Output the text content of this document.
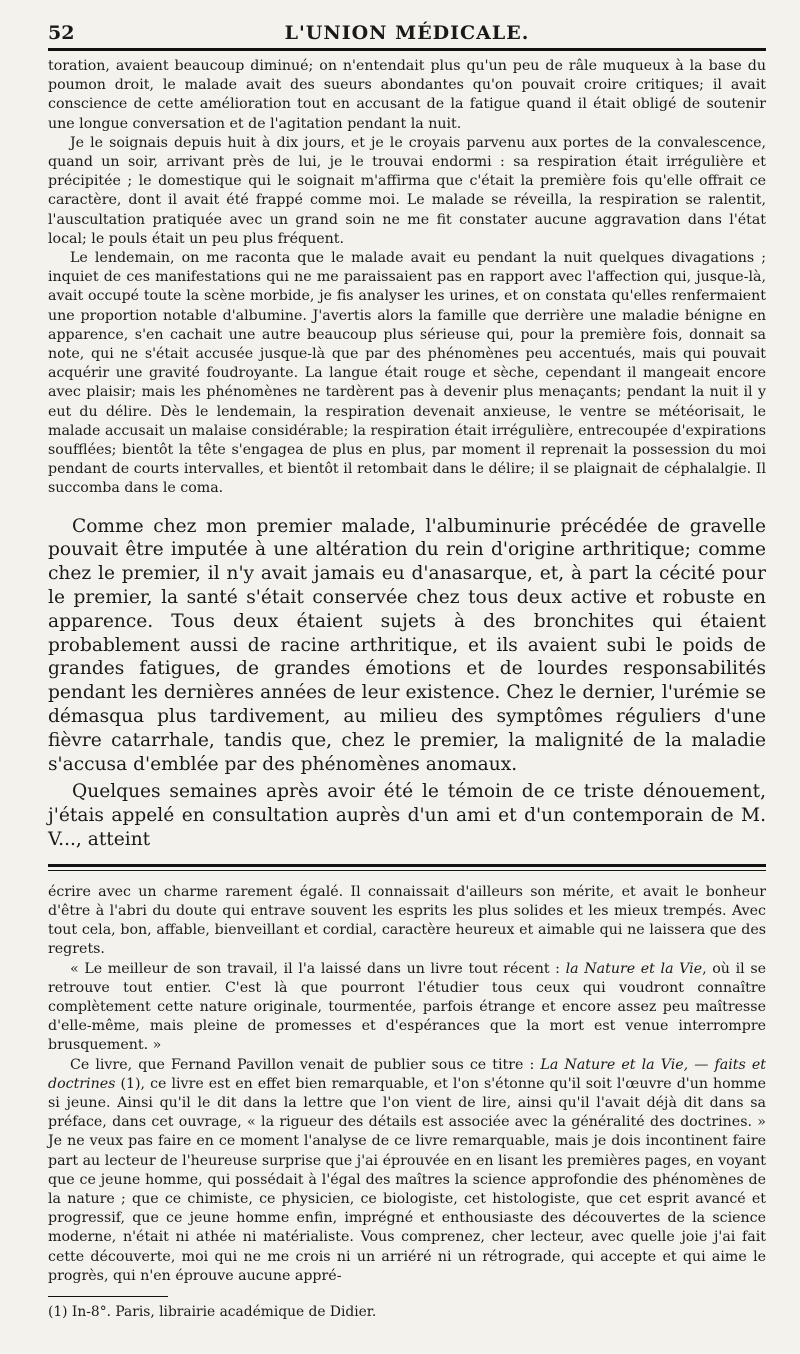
52	L'UNION MÉDICALE.

toration, avaient beaucoup diminué; on n'entendait plus qu'un peu de râle muqueux à la base du poumon droit, le malade avait des sueurs abondantes qu'on pouvait croire critiques; il avait conscience de cette amélioration tout en accusant de la fatigue quand il était obligé de soutenir une longue conversation et de l'agitation pendant la nuit.

Je le soignais depuis huit à dix jours, et je le croyais parvenu aux portes de la convalescence, quand un soir, arrivant près de lui, je le trouvai endormi : sa respiration était irrégulière et précipitée ; le domestique qui le soignait m'affirma que c'était la première fois qu'elle offrait ce caractère, dont il avait été frappé comme moi. Le malade se réveilla, la respiration se ralentit, l'auscultation pratiquée avec un grand soin ne me fit constater aucune aggravation dans l'état local; le pouls était un peu plus fréquent.

Le lendemain, on me raconta que le malade avait eu pendant la nuit quelques divagations ; inquiet de ces manifestations qui ne me paraissaient pas en rapport avec l'affection qui, jusque-là, avait occupé toute la scène morbide, je fis analyser les urines, et on constata qu'elles renfermaient une proportion notable d'albumine. J'avertis alors la famille que derrière une maladie bénigne en apparence, s'en cachait une autre beaucoup plus sérieuse qui, pour la première fois, donnait sa note, qui ne s'était accusée jusque-là que par des phénomènes peu accentués, mais qui pouvait acquérir une gravité foudroyante. La langue était rouge et sèche, cependant il mangeait encore avec plaisir; mais les phénomènes ne tardèrent pas à devenir plus menaçants; pendant la nuit il y eut du délire. Dès le lendemain, la respiration devenait anxieuse, le ventre se météorisait, le malade accusait un malaise considérable; la respiration était irrégulière, entrecoupée d'expirations soufflées; bientôt la tête s'engagea de plus en plus, par moment il reprenait la possession du moi pendant de courts intervalles, et bientôt il retombait dans le délire; il se plaignait de céphalalgie. Il succomba dans le coma.

Comme chez mon premier malade, l'albuminurie précédée de gravelle pouvait être imputée à une altération du rein d'origine arthritique; comme chez le premier, il n'y avait jamais eu d'anasarque, et, à part la cécité pour le premier, la santé s'était conservée chez tous deux active et robuste en apparence. Tous deux étaient sujets à des bronchites qui étaient probablement aussi de racine arthritique, et ils avaient subi le poids de grandes fatigues, de grandes émotions et de lourdes responsabilités pendant les dernières années de leur existence. Chez le dernier, l'urémie se démasqua plus tardivement, au milieu des symptômes réguliers d'une fièvre catarrhale, tandis que, chez le premier, la malignité de la maladie s'accusa d'emblée par des phénomènes anomaux.

Quelques semaines après avoir été le témoin de ce triste dénouement, j'étais appelé en consultation auprès d'un ami et d'un contemporain de M. V..., atteint

écrire avec un charme rarement égalé. Il connaissait d'ailleurs son mérite, et avait le bonheur d'être à l'abri du doute qui entrave souvent les esprits les plus solides et les mieux trempés. Avec tout cela, bon, affable, bienveillant et cordial, caractère heureux et aimable qui ne laissera que des regrets.

« Le meilleur de son travail, il l'a laissé dans un livre tout récent : la Nature et la Vie, où il se retrouve tout entier. C'est là que pourront l'étudier tous ceux qui voudront connaître complètement cette nature originale, tourmentée, parfois étrange et encore assez peu maîtresse d'elle-même, mais pleine de promesses et d'espérances que la mort est venue interrompre brusquement. »

Ce livre, que Fernand Pavillon venait de publier sous ce titre : La Nature et la Vie, — faits et doctrines (1), ce livre est en effet bien remarquable, et l'on s'étonne qu'il soit l'œuvre d'un homme si jeune. Ainsi qu'il le dit dans la lettre que l'on vient de lire, ainsi qu'il l'avait déjà dit dans sa préface, dans cet ouvrage, « la rigueur des détails est associée avec la généralité des doctrines. » Je ne veux pas faire en ce moment l'analyse de ce livre remarquable, mais je dois incontinent faire part au lecteur de l'heureuse surprise que j'ai éprouvée en en lisant les premières pages, en voyant que ce jeune homme, qui possédait à l'égal des maîtres la science approfondie des phénomènes de la nature ; que ce chimiste, ce physicien, ce biologiste, cet histologiste, que cet esprit avancé et progressif, que ce jeune homme enfin, imprégné et enthousiaste des découvertes de la science moderne, n'était ni athée ni matérialiste. Vous comprenez, cher lecteur, avec quelle joie j'ai fait cette découverte, moi qui ne me crois ni un arriéré ni un rétrograde, qui accepte et qui aime le progrès, qui n'en éprouve aucune appré-

(1) In-8°. Paris, librairie académique de Didier.
